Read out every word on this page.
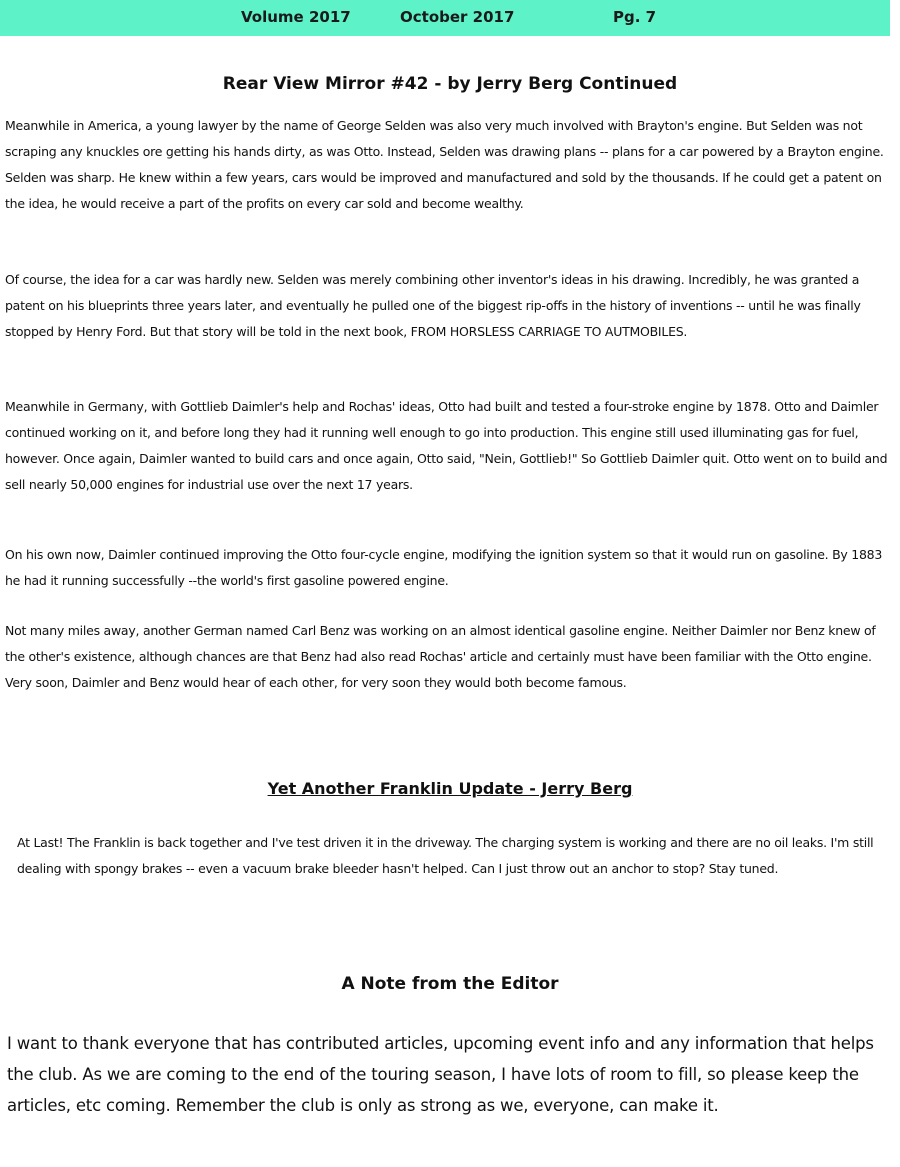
Volume 2017	October 2017	Pg. 7
Rear View Mirror #42 - by Jerry Berg Continued

Meanwhile in America, a young lawyer by the name of George Selden was also very much involved with Brayton's engine. But Selden was not scraping any knuckles ore getting his hands dirty, as was Otto. Instead, Selden was drawing plans -- plans for a car powered by a Brayton engine. Selden was sharp. He knew within a few years, cars would be improved and manufactured and sold by the thousands. If he could get a patent on the idea, he would receive a part of the profits on every car sold and become wealthy.

Of course, the idea for a car was hardly new. Selden was merely combining other inventor's ideas in his drawing. Incredibly, he was granted a patent on his blueprints three years later, and eventually he pulled one of the biggest rip-offs in the history of inventions -- until he was finally stopped by Henry Ford. But that story will be told in the next book, FROM HORSLESS CARRIAGE TO AUTMOBILES.

Meanwhile in Germany, with Gottlieb Daimler's help and Rochas' ideas, Otto had built and tested a four-stroke engine by 1878. Otto and Daimler continued working on it, and before long they had it running well enough to go into production. This engine still used illuminating gas for fuel, however. Once again, Daimler wanted to build cars and once again, Otto said, "Nein, Gottlieb!" So Gottlieb Daimler quit. Otto went on to build and sell nearly 50,000 engines for industrial use over the next 17 years.

On his own now, Daimler continued improving the Otto four-cycle engine, modifying the ignition system so that it would run on gasoline. By 1883 he had it running successfully --the world's first gasoline powered engine.

Not many miles away, another German named Carl Benz was working on an almost identical gasoline engine. Neither Daimler nor Benz knew of the other's existence, although chances are that Benz had also read Rochas' article and certainly must have been familiar with the Otto engine. Very soon, Daimler and Benz would hear of each other, for very soon they would both become famous.

Yet Another Franklin Update - Jerry Berg

At Last! The Franklin is back together and I've test driven it in the driveway. The charging system is working and there are no oil leaks. I'm still dealing with spongy brakes -- even a vacuum brake bleeder hasn't helped. Can I just throw out an anchor to stop? Stay tuned.

A Note from the Editor

I want to thank everyone that has contributed articles, upcoming event info and any information that helps the club. As we are coming to the end of the touring season, I have lots of room to fill, so please keep the articles, etc coming. Remember the club is only as strong as we, everyone, can make it.
